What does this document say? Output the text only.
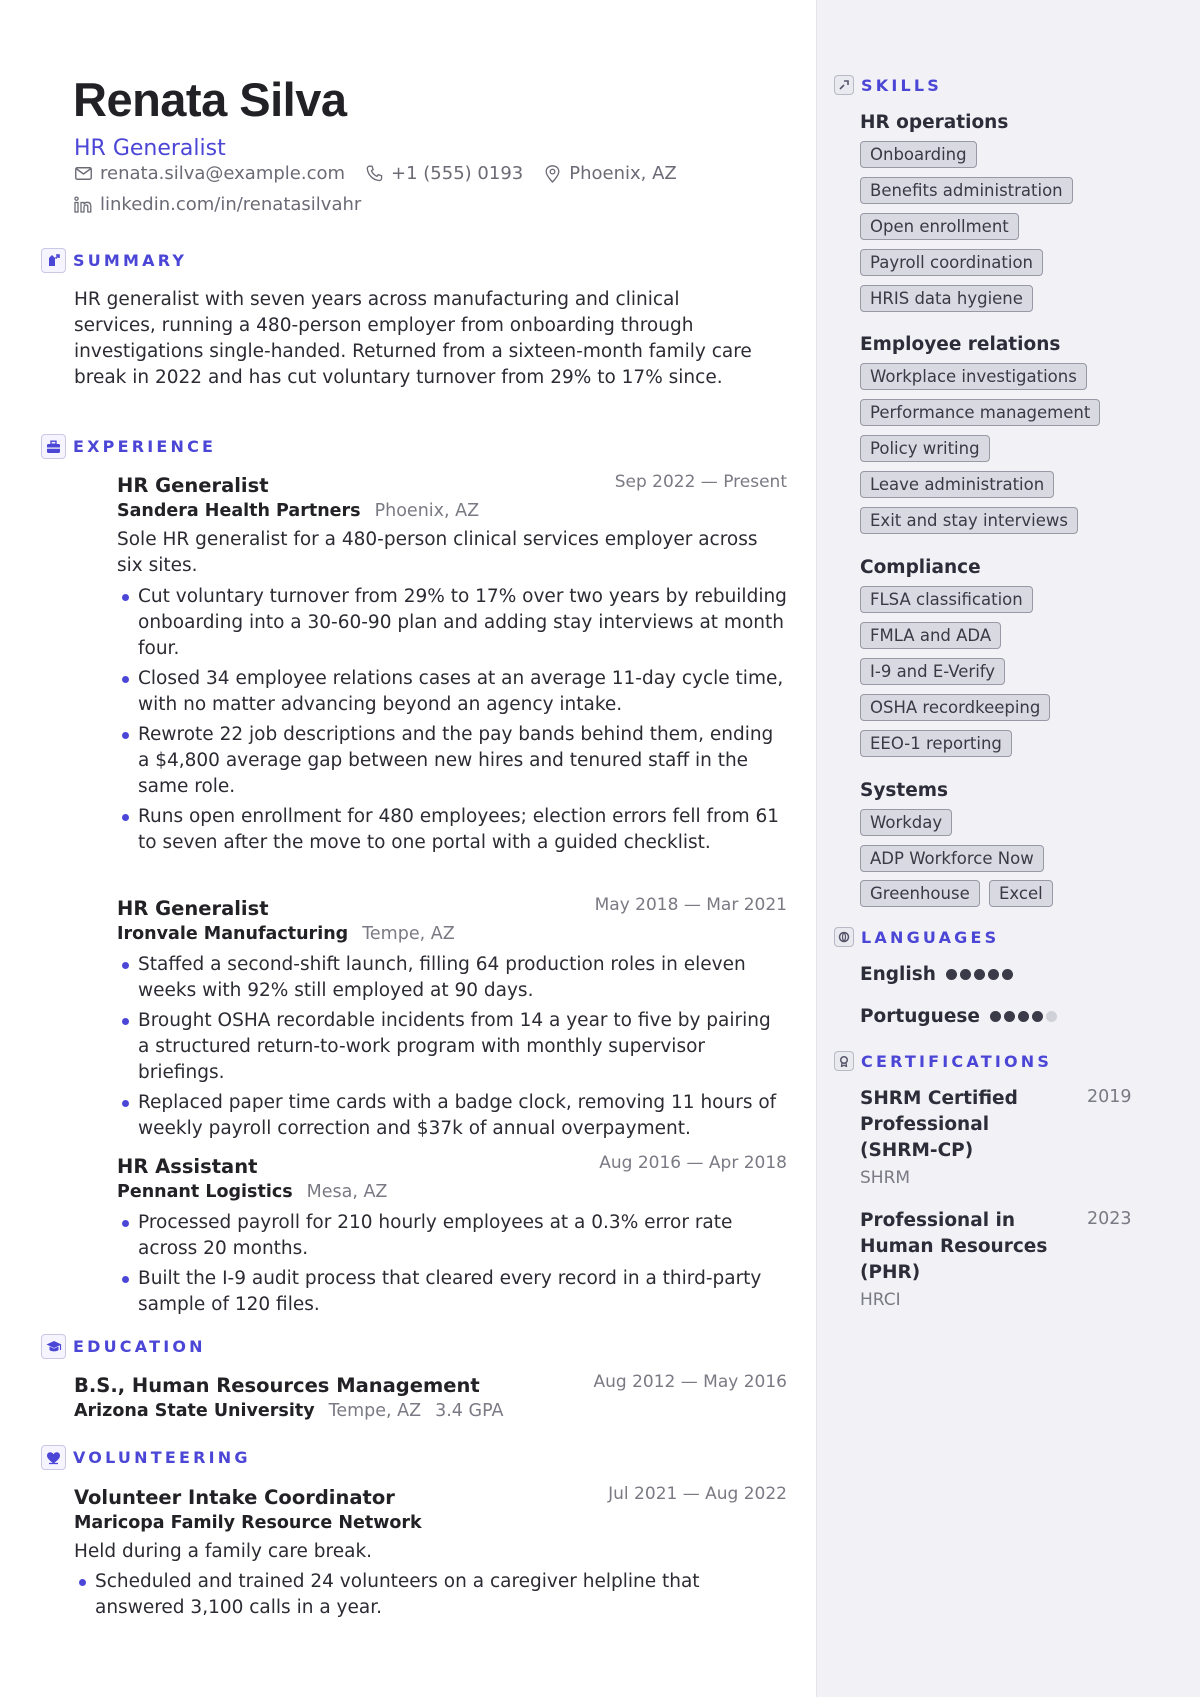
Renata Silva
HR Generalist
renata.silva@example.com	+1 (555) 0193	Phoenix, AZ
linkedin.com/in/renatasilvahr
SUMMARY
HR generalist with seven years across manufacturing and clinical services, running a 480-person employer from onboarding through investigations single-handed. Returned from a sixteen-month family care break in 2022 and has cut voluntary turnover from 29% to 17% since.
EXPERIENCE
HR Generalist	Sep 2022 — Present
Sandera Health Partners Phoenix, AZ
Sole HR generalist for a 480-person clinical services employer across six sites.
Cut voluntary turnover from 29% to 17% over two years by rebuilding onboarding into a 30-60-90 plan and adding stay interviews at month four.
Closed 34 employee relations cases at an average 11-day cycle time, with no matter advancing beyond an agency intake.
Rewrote 22 job descriptions and the pay bands behind them, ending a $4,800 average gap between new hires and tenured staff in the same role.
Runs open enrollment for 480 employees; election errors fell from 61 to seven after the move to one portal with a guided checklist.
HR Generalist	May 2018 — Mar 2021
Ironvale Manufacturing Tempe, AZ
Staffed a second-shift launch, filling 64 production roles in eleven weeks with 92% still employed at 90 days.
Brought OSHA recordable incidents from 14 a year to five by pairing a structured return-to-work program with monthly supervisor briefings.
Replaced paper time cards with a badge clock, removing 11 hours of weekly payroll correction and $37k of annual overpayment.
HR Assistant	Aug 2016 — Apr 2018
Pennant Logistics Mesa, AZ
Processed payroll for 210 hourly employees at a 0.3% error rate across 20 months.
Built the I-9 audit process that cleared every record in a third-party sample of 120 files.
EDUCATION
B.S., Human Resources Management	Aug 2012 — May 2016
Arizona State University Tempe, AZ 3.4 GPA
VOLUNTEERING
Volunteer Intake Coordinator	Jul 2021 — Aug 2022
Maricopa Family Resource Network
Held during a family care break.
Scheduled and trained 24 volunteers on a caregiver helpline that answered 3,100 calls in a year.
SKILLS
HR operations
Onboarding
Benefits administration
Open enrollment
Payroll coordination
HRIS data hygiene
Employee relations
Workplace investigations
Performance management
Policy writing
Leave administration
Exit and stay interviews
Compliance
FLSA classification
FMLA and ADA
I-9 and E-Verify
OSHA recordkeeping
EEO-1 reporting
Systems
Workday
ADP Workforce Now
Greenhouse	Excel
LANGUAGES
English
Portuguese
CERTIFICATIONS
SHRM Certified Professional (SHRM-CP)
2019
SHRM
Professional in Human Resources (PHR)
2023
HRCI
